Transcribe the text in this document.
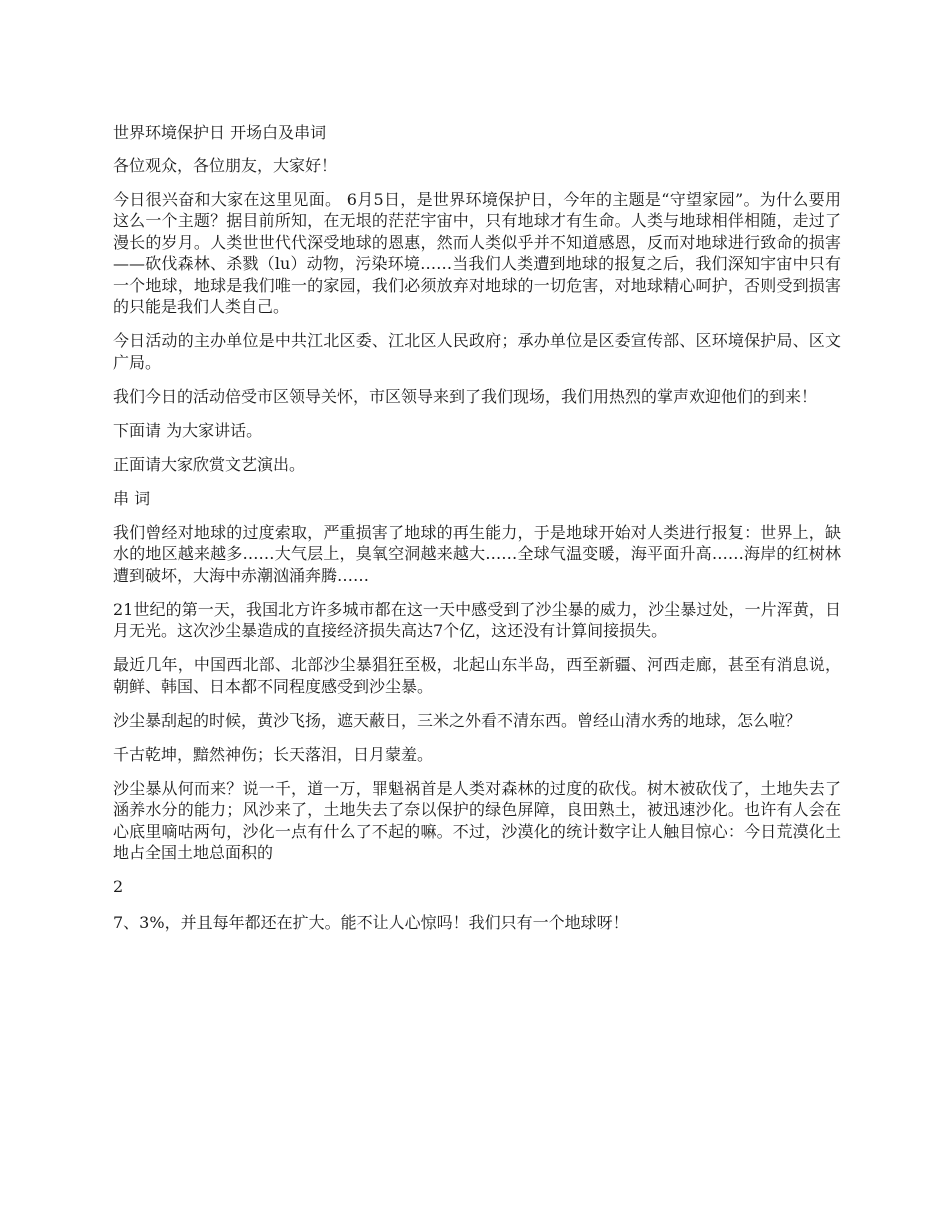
世界环境保护日 开场白及串词

各位观众，各位朋友，大家好！

今日很兴奋和大家在这里见面。 6月5日，是世界环境保护日，今年的主题是“守望家园”。为什么要用这么一个主题？据目前所知，在无垠的茫茫宇宙中，只有地球才有生命。人类与地球相伴相随，走过了漫长的岁月。人类世世代代深受地球的恩惠，然而人类似乎并不知道感恩，反而对地球进行致命的损害——砍伐森林、杀戮（lu）动物，污染环境……当我们人类遭到地球的报复之后，我们深知宇宙中只有一个地球，地球是我们唯一的家园，我们必须放弃对地球的一切危害，对地球精心呵护，否则受到损害的只能是我们人类自己。

今日活动的主办单位是中共江北区委、江北区人民政府；承办单位是区委宣传部、区环境保护局、区文广局。

我们今日的活动倍受市区领导关怀，市区领导来到了我们现场，我们用热烈的掌声欢迎他们的到来！

下面请 为大家讲话。

正面请大家欣赏文艺演出。

串 词

我们曾经对地球的过度索取，严重损害了地球的再生能力，于是地球开始对人类进行报复：世界上，缺水的地区越来越多……大气层上，臭氧空洞越来越大……全球气温变暖，海平面升高……海岸的红树林遭到破坏，大海中赤潮汹涌奔腾……

21世纪的第一天，我国北方许多城市都在这一天中感受到了沙尘暴的威力，沙尘暴过处，一片浑黄，日月无光。这次沙尘暴造成的直接经济损失高达7个亿，这还没有计算间接损失。

最近几年，中国西北部、北部沙尘暴猖狂至极，北起山东半岛，西至新疆、河西走廊，甚至有消息说，朝鲜、韩国、日本都不同程度感受到沙尘暴。

沙尘暴刮起的时候，黄沙飞扬，遮天蔽日，三米之外看不清东西。曾经山清水秀的地球，怎么啦？

千古乾坤，黯然神伤；长天落泪，日月蒙羞。

沙尘暴从何而来？说一千，道一万，罪魁祸首是人类对森林的过度的砍伐。树木被砍伐了，土地失去了涵养水分的能力；风沙来了，土地失去了奈以保护的绿色屏障，良田熟土，被迅速沙化。也许有人会在心底里嘀咕两句，沙化一点有什么了不起的嘛。不过，沙漠化的统计数字让人触目惊心：今日荒漠化土地占全国土地总面积的

2

7、3%，并且每年都还在扩大。能不让人心惊吗！我们只有一个地球呀！
